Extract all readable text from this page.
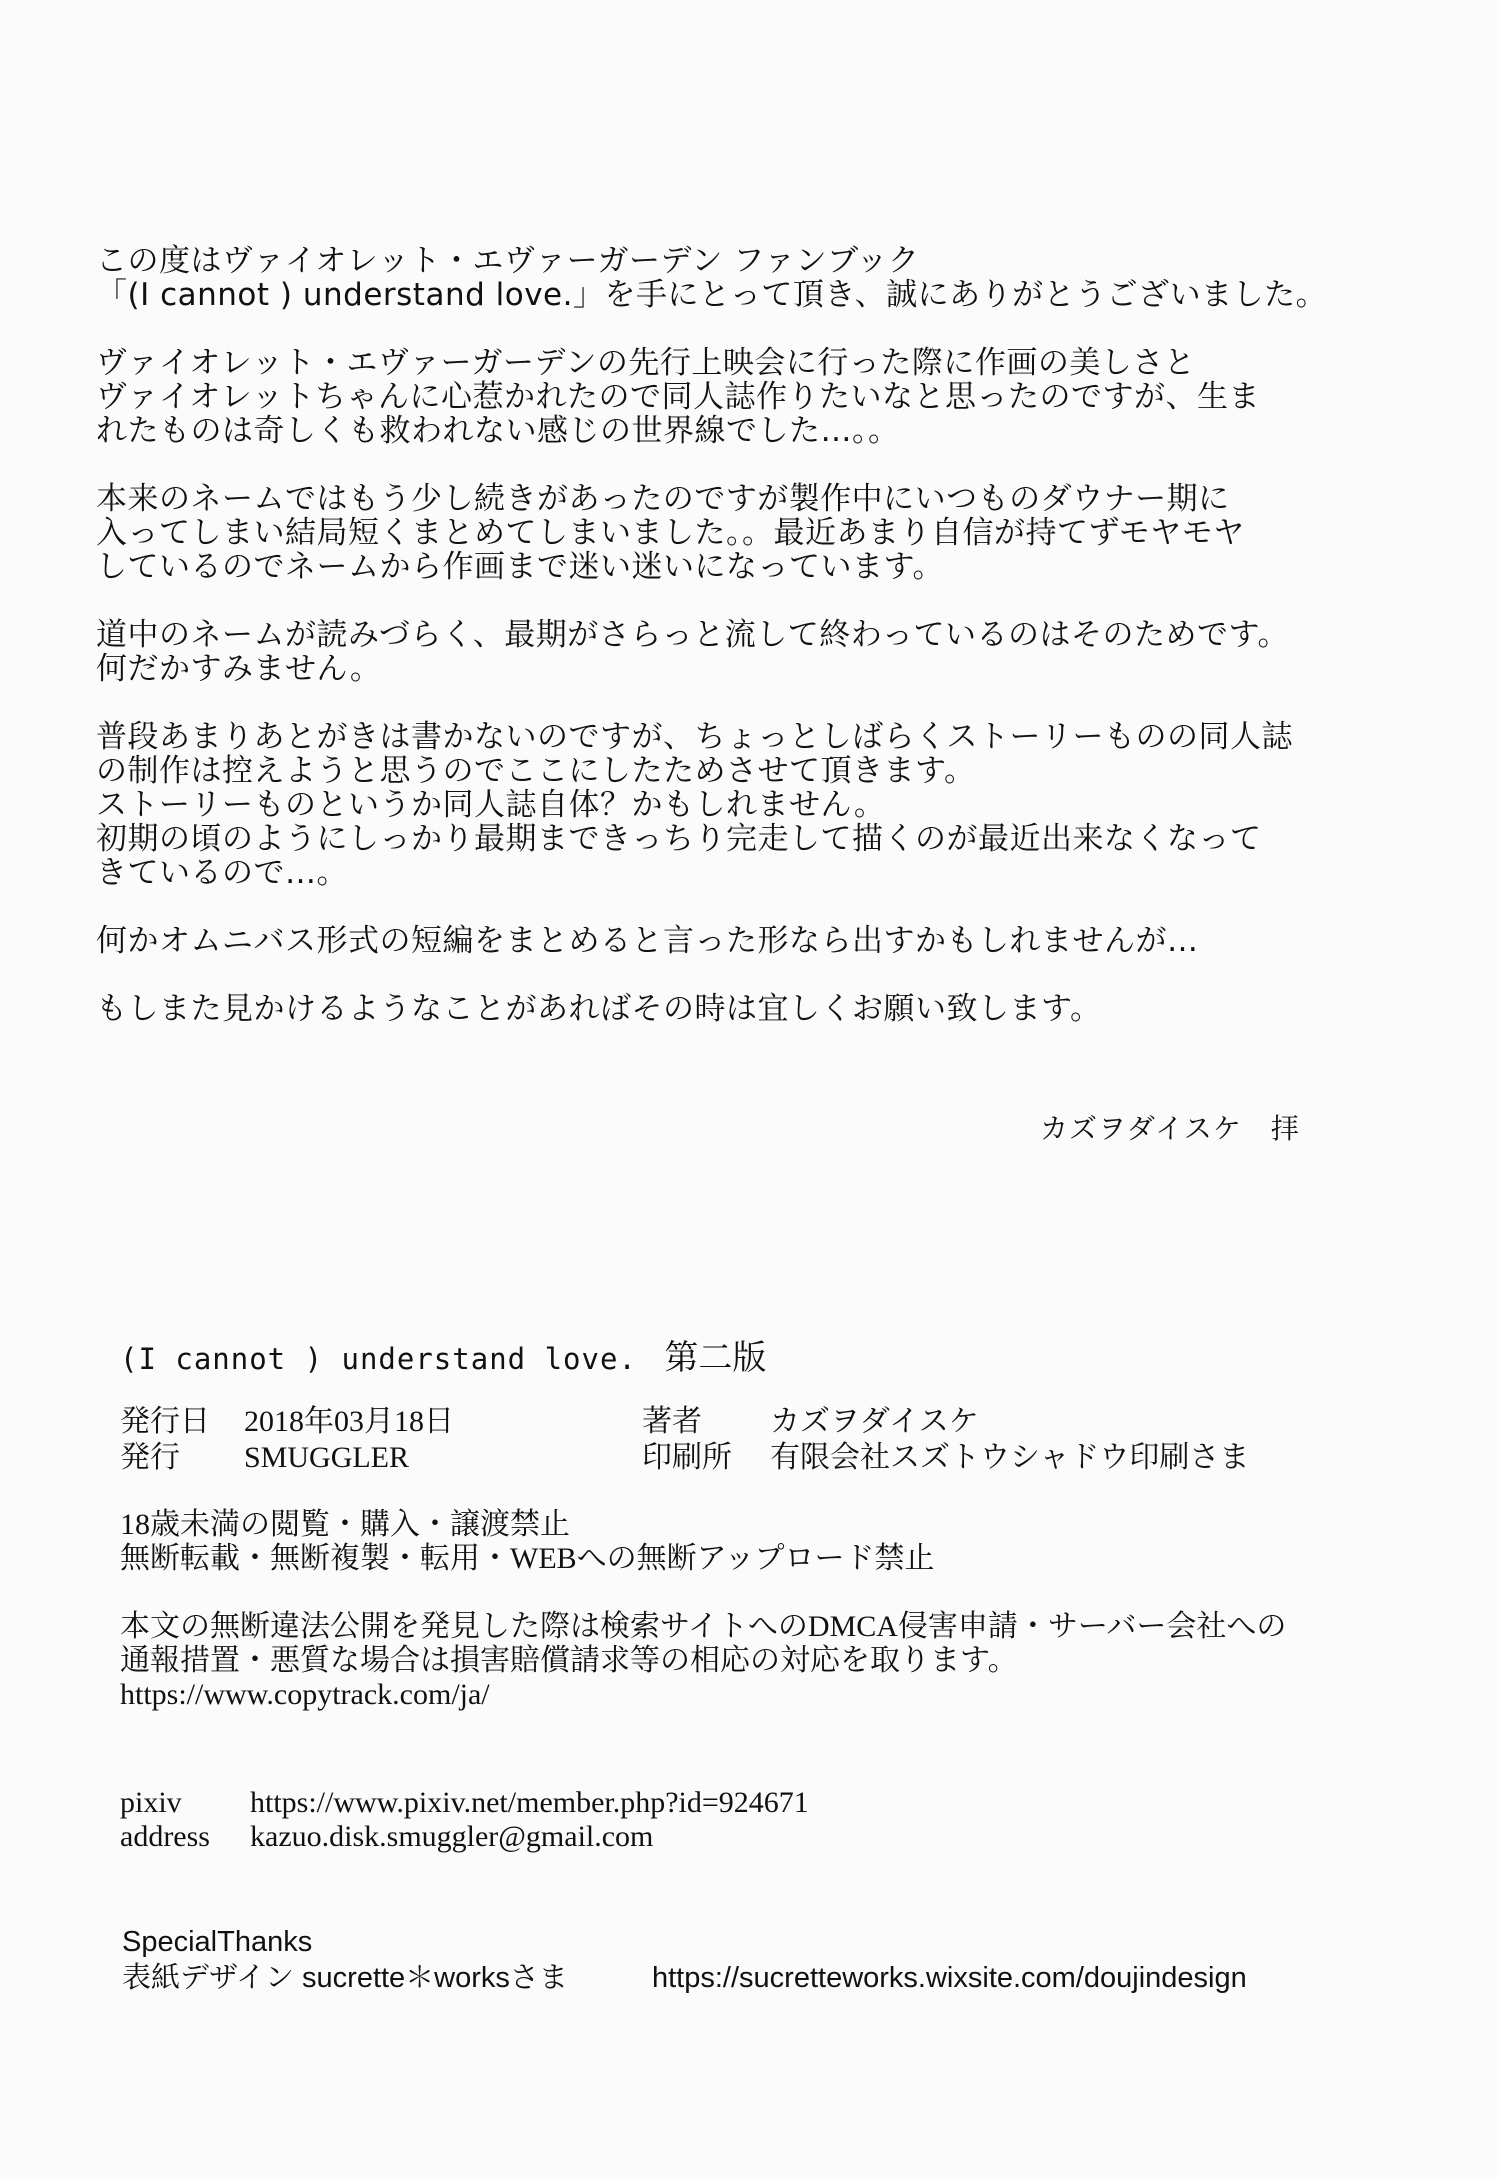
この度はヴァイオレット・エヴァーガーデン ファンブック
「(I cannot ) understand love.」を手にとって頂き、誠にありがとうございました。
ヴァイオレット・エヴァーガーデンの先行上映会に行った際に作画の美しさと
ヴァイオレットちゃんに心惹かれたので同人誌作りたいなと思ったのですが、生ま
れたものは奇しくも救われない感じの世界線でした…。。
本来のネームではもう少し続きがあったのですが製作中にいつものダウナー期に
入ってしまい結局短くまとめてしまいました。。最近あまり自信が持てずモヤモヤ
しているのでネームから作画まで迷い迷いになっています。
道中のネームが読みづらく、最期がさらっと流して終わっているのはそのためです。
何だかすみません。
普段あまりあとがきは書かないのですが、ちょっとしばらくストーリーものの同人誌
の制作は控えようと思うのでここにしたためさせて頂きます。
ストーリーものというか同人誌自体？かもしれません。
初期の頃のようにしっかり最期まできっちり完走して描くのが最近出来なくなって
きているので…。
何かオムニバス形式の短編をまとめると言った形なら出すかもしれませんが…
もしまた見かけるようなことがあればその時は宜しくお願い致します。
カズヲダイスケ　拝
(I cannot ) understand love. 第二版
発行日 2018年03月18日	著者 カズヲダイスケ
発行 SMUGGLER	印刷所 有限会社スズトウシャドウ印刷さま
18歳未満の閲覧・購入・譲渡禁止
無断転載・無断複製・転用・WEBへの無断アップロード禁止
本文の無断違法公開を発見した際は検索サイトへのDMCA侵害申請・サーバー会社への
通報措置・悪質な場合は損害賠償請求等の相応の対応を取ります。
https://www.copytrack.com/ja/
pixiv https://www.pixiv.net/member.php?id=924671
address kazuo.disk.smuggler@gmail.com
SpecialThanks
表紙デザイン sucrette＊worksさま	https://sucretteworks.wixsite.com/doujindesign
